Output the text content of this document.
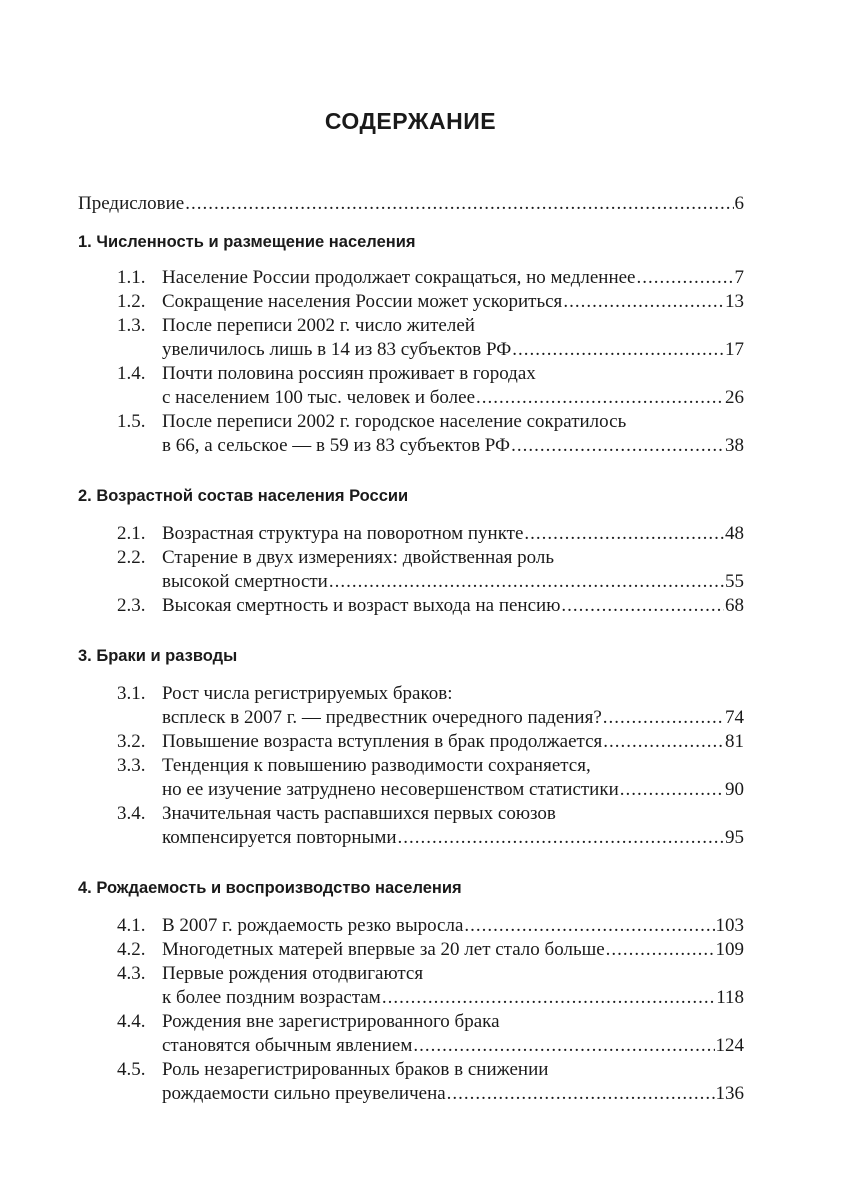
СОДЕРЖАНИЕ
Предисловие .....	6
1. Численность и размещение населения
1.1. Население России продолжает сокращаться, но медленнее .....	7
1.2. Сокращение населения России может ускориться .....	13
1.3. После переписи 2002 г. число жителей
увеличилось лишь в 14 из 83 субъектов РФ .....	17
1.4. Почти половина россиян проживает в городах
с населением 100 тыс. человек и более .....	26
1.5. После переписи 2002 г. городское население сократилось
в 66, а сельское — в 59 из 83 субъектов РФ .....	38
2. Возрастной состав населения России
2.1. Возрастная структура на поворотном пункте .....	48
2.2. Старение в двух измерениях: двойственная роль
высокой смертности .....	55
2.3. Высокая смертность и возраст выхода на пенсию .....	68
3. Браки и разводы
3.1. Рост числа регистрируемых браков:
всплеск в 2007 г. — предвестник очередного падения? .....	74
3.2. Повышение возраста вступления в брак продолжается .....	81
3.3. Тенденция к повышению разводимости сохраняется,
но ее изучение затруднено несовершенством статистики .....	90
3.4. Значительная часть распавшихся первых союзов
компенсируется повторными .....	95
4. Рождаемость и воспроизводство населения
4.1. В 2007 г. рождаемость резко выросла .....	103
4.2. Многодетных матерей впервые за 20 лет стало больше .....	109
4.3. Первые рождения отодвигаются
к более поздним возрастам .....	118
4.4. Рождения вне зарегистрированного брака
становятся обычным явлением .....	124
4.5. Роль незарегистрированных браков в снижении
рождаемости сильно преувеличена .....	136
